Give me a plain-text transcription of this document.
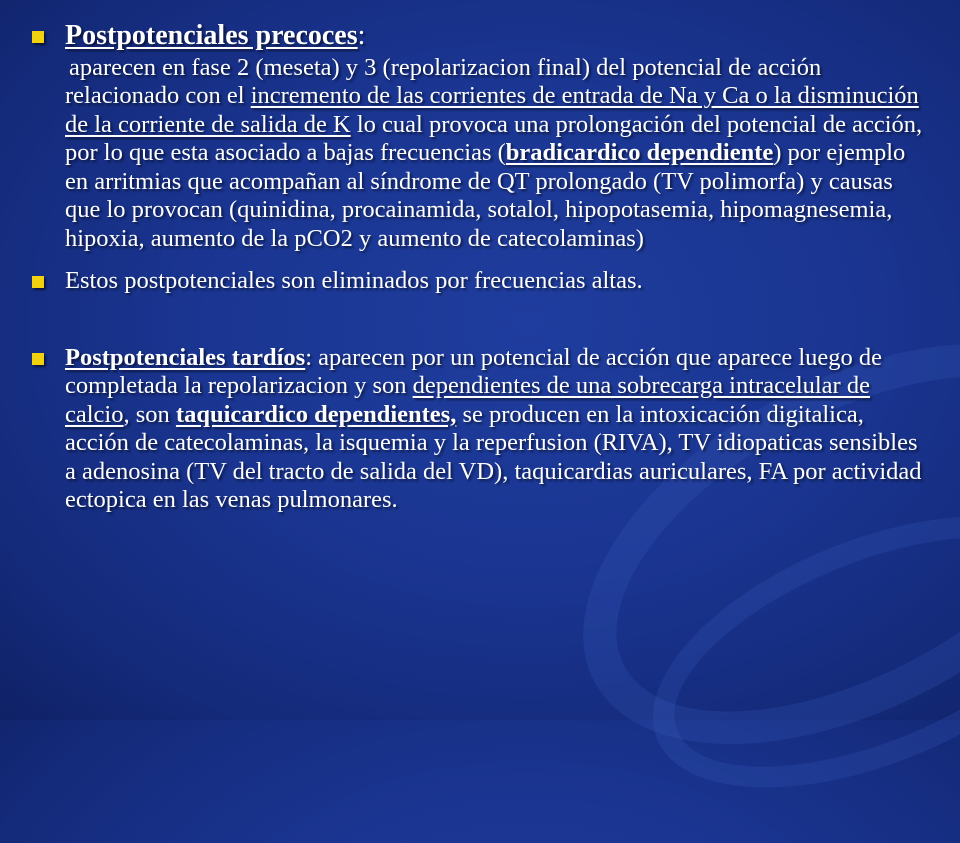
Postpotenciales precoces:
aparecen en fase 2 (meseta) y 3 (repolarizacion final) del potencial de acción relacionado con el incremento de las corrientes de entrada de Na y Ca o la disminución de la corriente de salida de K lo cual provoca una prolongación del potencial de acción, por lo que esta asociado a bajas frecuencias (bradicardico dependiente) por ejemplo en arritmias que acompañan al síndrome de QT prolongado (TV polimorfa) y causas que lo provocan (quinidina, procainamida, sotalol, hipopotasemia, hipomagnesemia, hipoxia, aumento de la pCO2 y aumento de catecolaminas)
Estos postpotenciales son eliminados por frecuencias altas.
Postpotenciales tardíos: aparecen por un potencial de acción que aparece luego de completada la repolarizacion y son dependientes de una sobrecarga intracelular de calcio, son taquicardico dependientes, se producen en la intoxicación digitalica, acción de catecolaminas, la isquemia y la reperfusion (RIVA), TV idiopaticas sensibles a adenosina (TV del tracto de salida del VD), taquicardias auriculares, FA por actividad ectopica en las venas pulmonares.
